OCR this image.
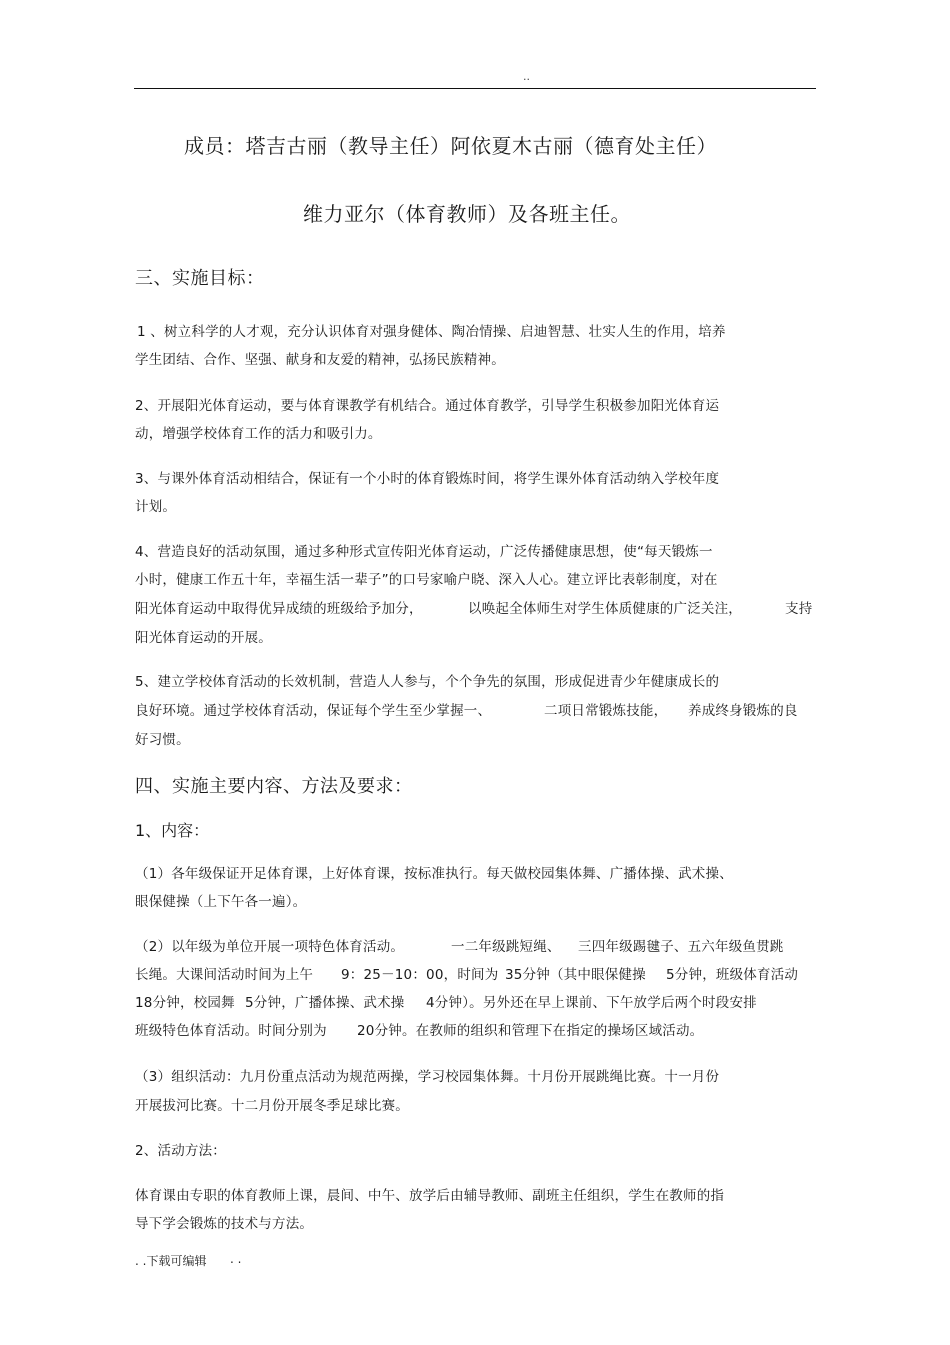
..

成员：塔吉古丽（教导主任）阿依夏木古丽（德育处主任）

维力亚尔（体育教师）及各班主任。

三、实施目标：

1 、树立科学的人才观，充分认识体育对强身健体、陶冶情操、启迪智慧、壮实人生的作用，培养

学生团结、合作、坚强、献身和友爱的精神，弘扬民族精神。

2、开展阳光体育运动，要与体育课教学有机结合。通过体育教学，引导学生积极参加阳光体育运

动，增强学校体育工作的活力和吸引力。

3、与课外体育活动相结合，保证有一个小时的体育锻炼时间，将学生课外体育活动纳入学校年度

计划。

4、营造良好的活动氛围，通过多种形式宣传阳光体育运动，广泛传播健康思想，使“每天锻炼一

小时，健康工作五十年，幸福生活一辈子”的口号家喻户晓、深入人心。建立评比表彰制度，对在

阳光体育运动中取得优异成绩的班级给予加分，	以唤起全体师生对学生体质健康的广泛关注，	支持

阳光体育运动的开展。

5、建立学校体育活动的长效机制，营造人人参与，个个争先的氛围，形成促进青少年健康成长的

良好环境。通过学校体育活动，保证每个学生至少掌握一、	二项日常锻炼技能， 养成终身锻炼的良

好习惯。

四、实施主要内容、方法及要求：

1、内容：

（1）各年级保证开足体育课，上好体育课，按标准执行。每天做校园集体舞、广播体操、武术操、

眼保健操（上下午各一遍）。

（2）以年级为单位开展一项特色体育活动。	一二年级跳短绳、 三四年级踢毽子、五六年级鱼贯跳

长绳。大课间活动时间为上午 9：25－10：00，时间为 35分钟（其中眼保健操 5分钟，班级体育活动

18分钟，校园舞 5分钟，广播体操、武术操 4分钟）。另外还在早上课前、下午放学后两个时段安排

班级特色体育活动。时间分别为 20分钟。在教师的组织和管理下在指定的操场区域活动。

（3）组织活动：九月份重点活动为规范两操，学习校园集体舞。十月份开展跳绳比赛。十一月份

开展拔河比赛。十二月份开展冬季足球比赛。

2、活动方法：

体育课由专职的体育教师上课，晨间、中午、放学后由辅导教师、副班主任组织，学生在教师的指

导下学会锻炼的技术与方法。

. .下载可编辑 . .
